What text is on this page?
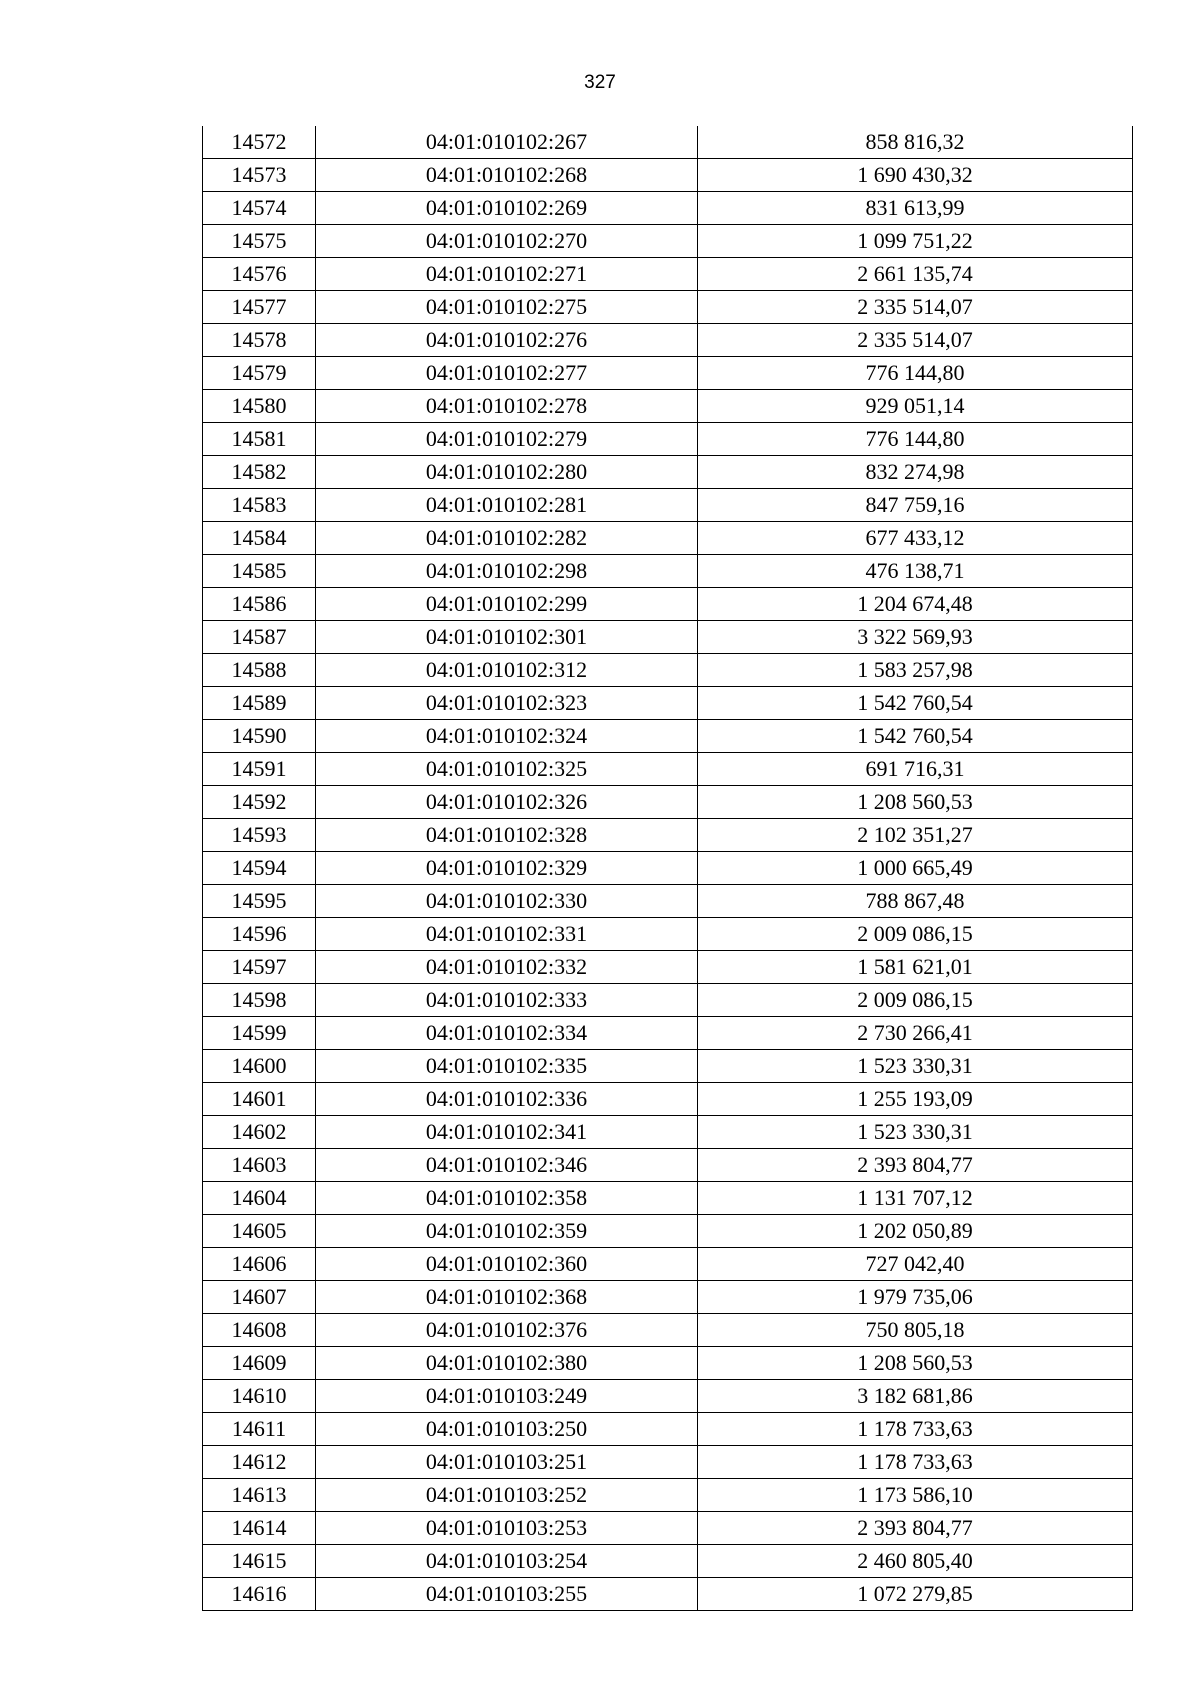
327
14572	04:01:010102:267	858 816,32
14573	04:01:010102:268	1 690 430,32
14574	04:01:010102:269	831 613,99
14575	04:01:010102:270	1 099 751,22
14576	04:01:010102:271	2 661 135,74
14577	04:01:010102:275	2 335 514,07
14578	04:01:010102:276	2 335 514,07
14579	04:01:010102:277	776 144,80
14580	04:01:010102:278	929 051,14
14581	04:01:010102:279	776 144,80
14582	04:01:010102:280	832 274,98
14583	04:01:010102:281	847 759,16
14584	04:01:010102:282	677 433,12
14585	04:01:010102:298	476 138,71
14586	04:01:010102:299	1 204 674,48
14587	04:01:010102:301	3 322 569,93
14588	04:01:010102:312	1 583 257,98
14589	04:01:010102:323	1 542 760,54
14590	04:01:010102:324	1 542 760,54
14591	04:01:010102:325	691 716,31
14592	04:01:010102:326	1 208 560,53
14593	04:01:010102:328	2 102 351,27
14594	04:01:010102:329	1 000 665,49
14595	04:01:010102:330	788 867,48
14596	04:01:010102:331	2 009 086,15
14597	04:01:010102:332	1 581 621,01
14598	04:01:010102:333	2 009 086,15
14599	04:01:010102:334	2 730 266,41
14600	04:01:010102:335	1 523 330,31
14601	04:01:010102:336	1 255 193,09
14602	04:01:010102:341	1 523 330,31
14603	04:01:010102:346	2 393 804,77
14604	04:01:010102:358	1 131 707,12
14605	04:01:010102:359	1 202 050,89
14606	04:01:010102:360	727 042,40
14607	04:01:010102:368	1 979 735,06
14608	04:01:010102:376	750 805,18
14609	04:01:010102:380	1 208 560,53
14610	04:01:010103:249	3 182 681,86
14611	04:01:010103:250	1 178 733,63
14612	04:01:010103:251	1 178 733,63
14613	04:01:010103:252	1 173 586,10
14614	04:01:010103:253	2 393 804,77
14615	04:01:010103:254	2 460 805,40
14616	04:01:010103:255	1 072 279,85
